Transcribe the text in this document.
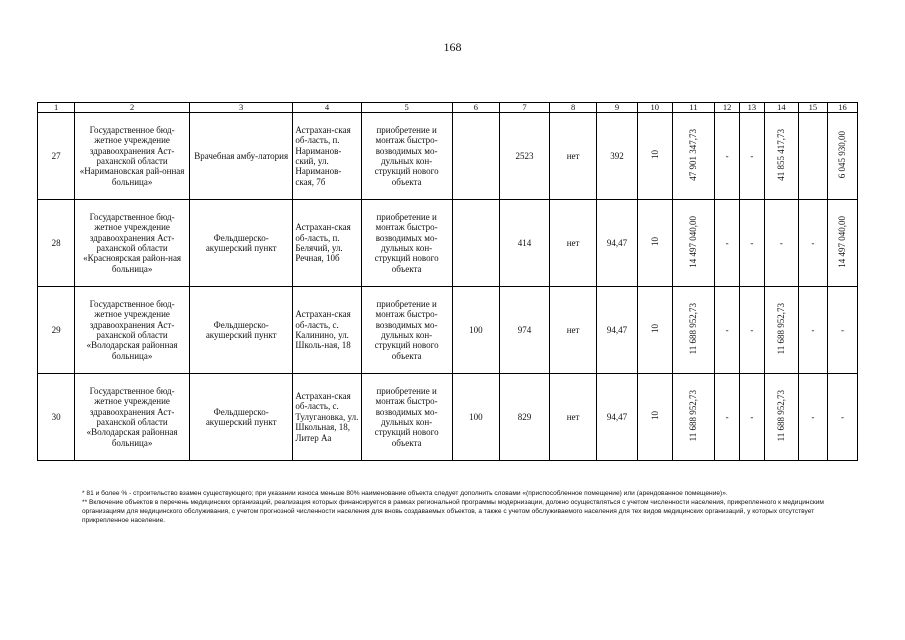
168
1	2	3	4	5	6	7	8	9	10	11	12	13	14	15	16
27	Государственное бюд-жетное учреждение здравоохранения Аст-раханской области «Наримановская рай-онная больница»	Врачебная амбу-латория	Астрахан-ская об-ласть, п. Нариманов-ский, ул. Нариманов-ская, 7б	приобретение и монтаж быстро-возводимых мо-дульных кон-струкций нового объекта		2523	нет	392	10	47 901 347,73	-	-	41 855 417,73		6 045 930,00
28	Государственное бюд-жетное учреждение здравоохранения Аст-раханской области «Красноярская район-ная больница»	Фельдшерско-акушерский пункт	Астрахан-ская об-ласть, п. Белячий, ул. Речная, 10б	приобретение и монтаж быстро-возводимых мо-дульных кон-струкций нового объекта		414	нет	94,47	10	14 497 040,00	-	-	-	-	14 497 040,00
29	Государственное бюд-жетное учреждение здравоохранения Аст-раханской области «Володарская районная больница»	Фельдшерско-акушерский пункт	Астрахан-ская об-ласть, с. Калинино, ул. Школь-ная, 18	приобретение и монтаж быстро-возводимых мо-дульных кон-струкций нового объекта	100	974	нет	94,47	10	11 688 952,73	-	-	11 688 952,73	-	-
30	Государственное бюд-жетное учреждение здравоохранения Аст-раханской области «Володарская районная больница»	Фельдшерско-акушерский пункт	Астрахан-ская об-ласть, с. Тулугановка, ул. Школьная, 18, Литер Аа	приобретение и монтаж быстро-возводимых мо-дульных кон-струкций нового объекта	100	829	нет	94,47	10	11 688 952,73	-	-	11 688 952,73	-	-

* 81 и более % - строительство взамен существующего; при указании износа меньше 80% наименование объекта следует дополнить словами «(приспособленное помещение) или (арендованное помещение)».

** Включение объектов в перечень медицинских организаций, реализация которых финансируется в рамках региональной программы модернизации, должно осуществляться с учетом численности населения, прикрепленного к медицинским организациям для медицинского обслуживания, с учетом прогнозной численности населения для вновь создаваемых объектов, а также с учетом обслуживаемого населения для тех видов медицинских организаций, у которых отсутствует прикрепленное население.
